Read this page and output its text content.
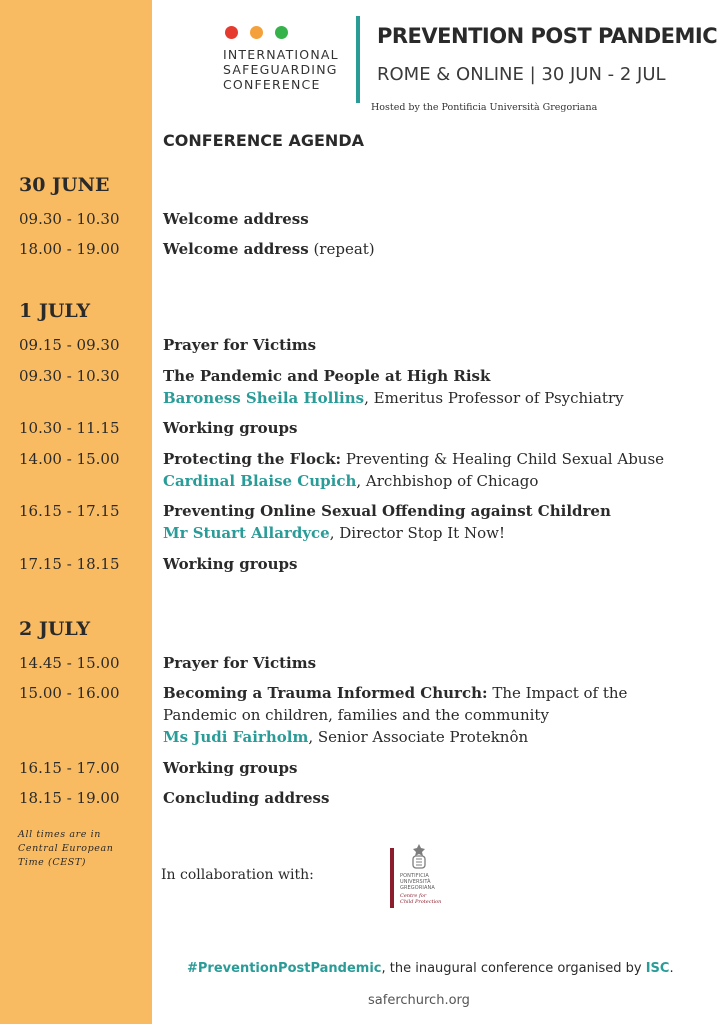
INTERNATIONAL
SAFEGUARDING
CONFERENCE
PREVENTION POST PANDEMIC
ROME & ONLINE | 30 JUN - 2 JUL
Hosted by the Pontificia Università Gregoriana
CONFERENCE AGENDA
30 JUNE
09.30 - 10.30	Welcome address
18.00 - 19.00	Welcome address (repeat)
1 JULY
09.15 - 09.30	Prayer for Victims
09.30 - 10.30	The Pandemic and People at High Risk
Baroness Sheila Hollins, Emeritus Professor of Psychiatry
10.30 - 11.15	Working groups
14.00 - 15.00	Protecting the Flock: Preventing & Healing Child Sexual Abuse
Cardinal Blaise Cupich, Archbishop of Chicago
16.15 - 17.15	Preventing Online Sexual Offending against Children
Mr Stuart Allardyce, Director Stop It Now!
17.15 - 18.15	Working groups
2 JULY
14.45 - 15.00	Prayer for Victims
15.00 - 16.00	Becoming a Trauma Informed Church: The Impact of the
Pandemic on children, families and the community
Ms Judi Fairholm, Senior Associate Proteknôn
16.15 - 17.00	Working groups
18.15 - 19.00	Concluding address
All times are in
Central European
Time (CEST)
In collaboration with:	PONTIFICIA
UNIVERSITÀ
GREGORIANA
Centre for
Child Protection
#PreventionPostPandemic, the inaugural conference organised by ISC.
saferchurch.org
